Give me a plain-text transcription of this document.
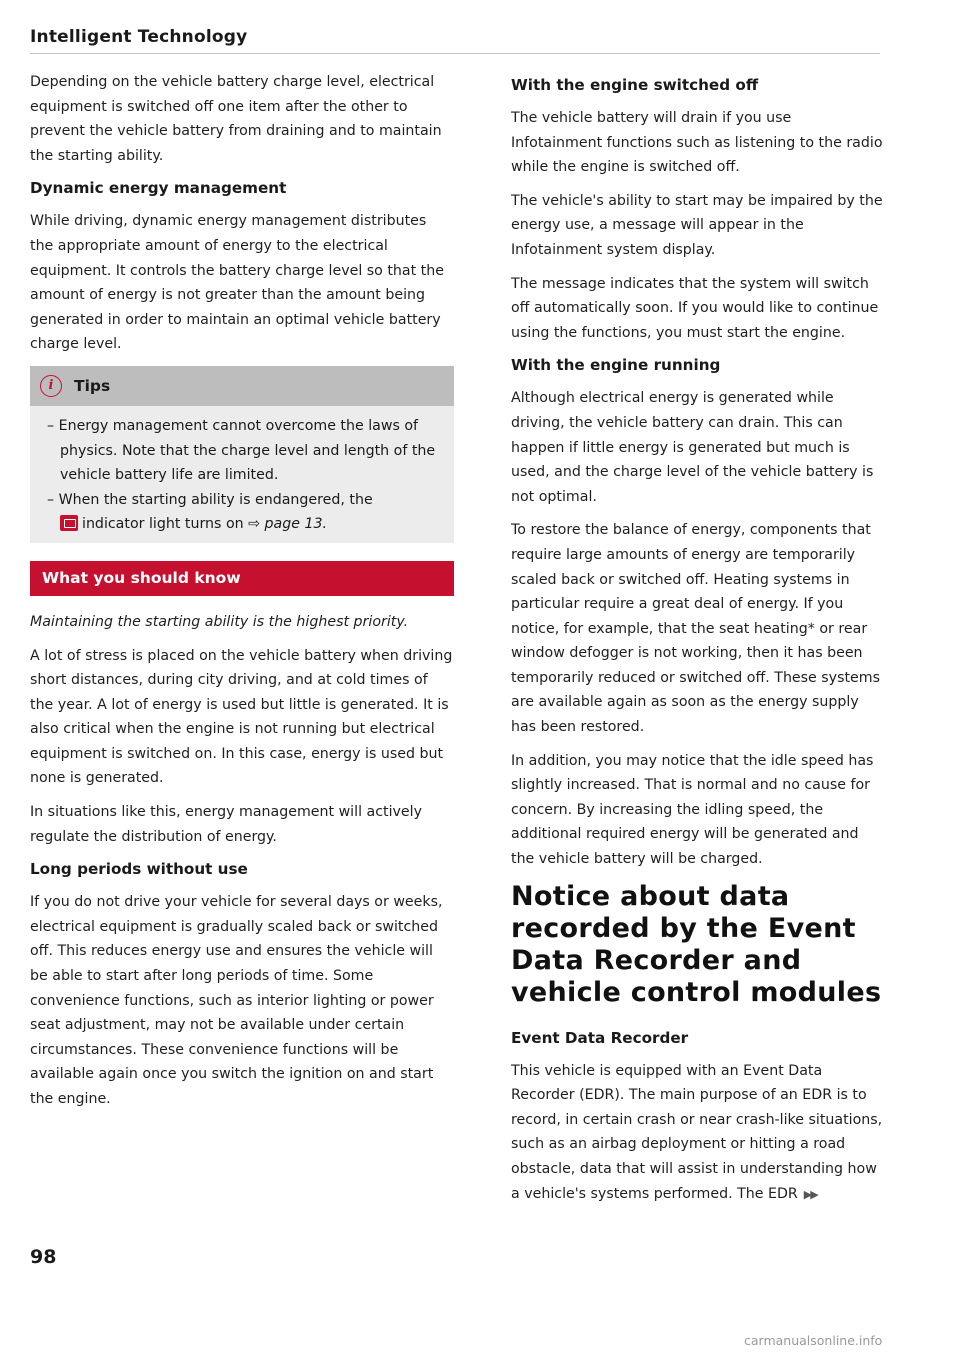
Intelligent Technology

Depending on the vehicle battery charge level, electrical equipment is switched off one item after the other to prevent the vehicle battery from draining and to maintain the starting ability.

Dynamic energy management

While driving, dynamic energy management distributes the appropriate amount of energy to the electrical equipment. It controls the battery charge level so that the amount of energy is not greater than the amount being generated in order to maintain an optimal vehicle battery charge level.

i	Tips
– Energy management cannot overcome the laws of physics. Note that the charge level and length of the vehicle battery life are limited.
– When the starting ability is endangered, the
indicator light turns on ⇨ page 13.
What you should know

Maintaining the starting ability is the highest priority.

A lot of stress is placed on the vehicle battery when driving short distances, during city driving, and at cold times of the year. A lot of energy is used but little is generated. It is also critical when the engine is not running but electrical equipment is switched on. In this case, energy is used but none is generated.

In situations like this, energy management will actively regulate the distribution of energy.

Long periods without use

If you do not drive your vehicle for several days or weeks, electrical equipment is gradually scaled back or switched off. This reduces energy use and ensures the vehicle will be able to start after long periods of time. Some convenience functions, such as interior lighting or power seat adjustment, may not be available under certain circumstances. These convenience functions will be available again once you switch the ignition on and start the engine.

With the engine switched off

The vehicle battery will drain if you use Infotainment functions such as listening to the radio while the engine is switched off.

The vehicle's ability to start may be impaired by the energy use, a message will appear in the Infotainment system display.

The message indicates that the system will switch off automatically soon. If you would like to continue using the functions, you must start the engine.

With the engine running

Although electrical energy is generated while driving, the vehicle battery can drain. This can happen if little energy is generated but much is used, and the charge level of the vehicle battery is not optimal.

To restore the balance of energy, components that require large amounts of energy are temporarily scaled back or switched off. Heating systems in particular require a great deal of energy. If you notice, for example, that the seat heating* or rear window defogger is not working, then it has been temporarily reduced or switched off. These systems are available again as soon as the energy supply has been restored.

In addition, you may notice that the idle speed has slightly increased. That is normal and no cause for concern. By increasing the idling speed, the additional required energy will be generated and the vehicle battery will be charged.

Notice about data recorded by the Event Data Recorder and vehicle control modules
Event Data Recorder

This vehicle is equipped with an Event Data Recorder (EDR). The main purpose of an EDR is to record, in certain crash or near crash-like situations, such as an airbag deployment or hitting a road obstacle, data that will assist in understanding how a vehicle's systems performed. The EDR ▶▶

98
carmanualsonline.info
